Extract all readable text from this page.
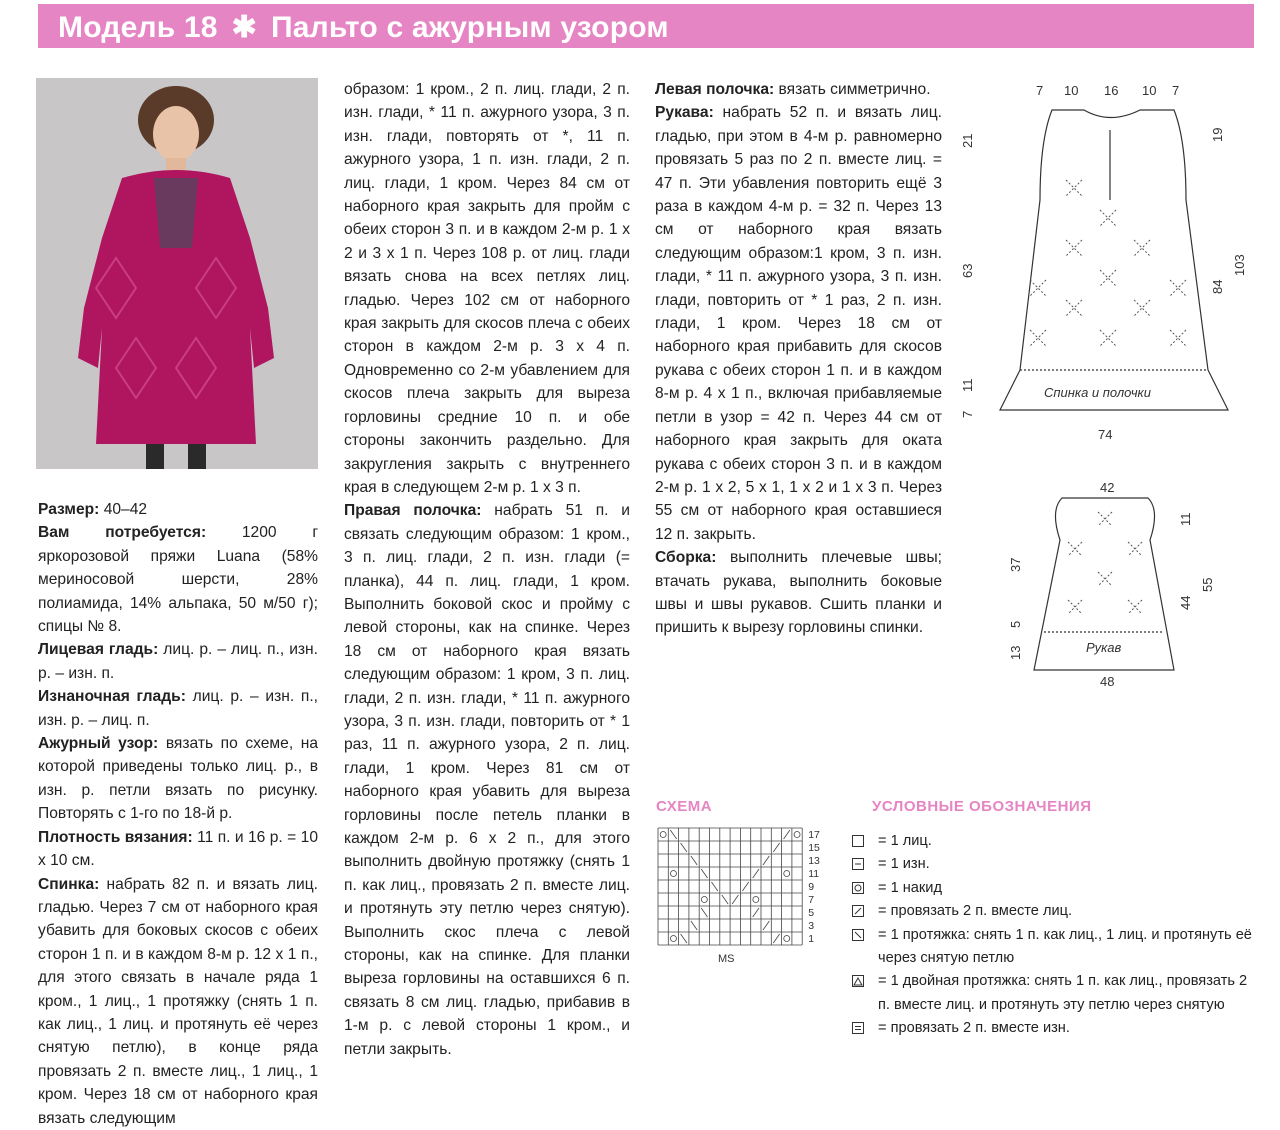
Модель 18 ✱ Пальто с ажурным узором

Размер: 40–42

Вам потребуется: 1200 г яркорозовой пряжи Luana (58% мериносовой шерсти, 28% полиамида, 14% альпака, 50 м/50 г); спицы № 8.

Лицевая гладь: лиц. р. – лиц. п., изн. р. – изн. п.

Изнаночная гладь: лиц. р. – изн. п., изн. р. – лиц. п.

Ажурный узор: вязать по схеме, на которой приведены только лиц. р., в изн. р. петли вязать по рисунку. Повторять с 1-го по 18-й р.

Плотность вязания: 11 п. и 16 р. = 10 х 10 см.

Спинка: набрать 82 п. и вязать лиц. гладью. Через 7 см от наборного края убавить для боковых скосов с обеих сторон 1 п. и в каждом 8-м р. 12 х 1 п., для этого связать в начале ряда 1 кром., 1 лиц., 1 протяжку (снять 1 п. как лиц., 1 лиц. и протянуть её через снятую петлю), в конце ряда провязать 2 п. вместе лиц., 1 лиц., 1 кром. Через 18 см от наборного края вязать следующим

образом: 1 кром., 2 п. лиц. глади, 2 п. изн. глади, * 11 п. ажурного узора, 3 п. изн. глади, повторять от *, 11 п. ажурного узора, 1 п. изн. глади, 2 п. лиц. глади, 1 кром. Через 84 см от наборного края закрыть для пройм с обеих сторон 3 п. и в каждом 2-м р. 1 х 2 и 3 х 1 п. Через 108 р. от лиц. глади вязать снова на всех петлях лиц. гладью. Через 102 см от наборного края закрыть для скосов плеча с обеих сторон в каждом 2-м р. 3 х 4 п. Одновременно со 2-м убавлением для скосов плеча закрыть для выреза горловины средние 10 п. и обе стороны закончить раздельно. Для закругления закрыть с внутреннего края в следующем 2-м р. 1 х 3 п.

Правая полочка: набрать 51 п. и связать следующим образом: 1 кром., 3 п. лиц. глади, 2 п. изн. глади (= планка), 44 п. лиц. глади, 1 кром. Выполнить боковой скос и пройму с левой стороны, как на спинке. Через 18 см от наборного края вязать следующим образом: 1 кром, 3 п. лиц. глади, 2 п. изн. глади, * 11 п. ажурного узора, 3 п. изн. глади, повторить от * 1 раз, 11 п. ажурного узора, 2 п. лиц. глади, 1 кром. Через 81 см от наборного края убавить для выреза горловины после петель планки в каждом 2-м р. 6 х 2 п., для этого выполнить двойную протяжку (снять 1 п. как лиц., провязать 2 п. вместе лиц. и протянуть эту петлю через снятую). Выполнить скос плеча с левой стороны, как на спинке. Для планки выреза горловины на оставшихся 6 п. связать 8 см лиц. гладью, прибавив в 1-м р. с левой стороны 1 кром., и петли закрыть.

Левая полочка: вязать симметрично.

Рукава: набрать 52 п. и вязать лиц. гладью, при этом в 4-м р. равномерно провязать 5 раз по 2 п. вместе лиц. = 47 п. Эти убавления повторить ещё 3 раза в каждом 4-м р. = 32 п. Через 13 см от наборного края вязать следующим образом:1 кром, 3 п. изн. глади, * 11 п. ажурного узора, 3 п. изн. глади, повторить от * 1 раз, 2 п. изн. глади, 1 кром. Через 18 см от наборного края прибавить для скосов рукава с обеих сторон 1 п. и в каждом 8-м р. 4 х 1 п., включая прибавляемые петли в узор = 42 п. Через 44 см от наборного края закрыть для оката рукава с обеих сторон 3 п. и в каждом 2-м р. 1 х 2, 5 х 1, 1 х 2 и 1 х 3 п. Через 55 см от наборного края оставшиеся 12 п. закрыть.

Сборка: выполнить плечевые швы; втачать рукава, выполнить боковые швы и швы рукавов. Сшить планки и пришить к вырезу горловины спинки.

Спинка и полочки
7 10 16 10 7
21
63
11
7
19
84
103
74
Рукав
42
37
5
13
11
44
55
48
СХЕМА
17
15
13
11
9
7
5
3
1
MS
УСЛОВНЫЕ ОБОЗНАЧЕНИЯ
= 1 лиц.
= 1 изн.
= 1 накид
= провязать 2 п. вместе лиц.
= 1 протяжка: снять 1 п. как лиц., 1 лиц. и протянуть её через снятую петлю
= 1 двойная протяжка: снять 1 п. как лиц., провязать 2 п. вместе лиц. и протянуть эту петлю через снятую
= провязать 2 п. вместе изн.
